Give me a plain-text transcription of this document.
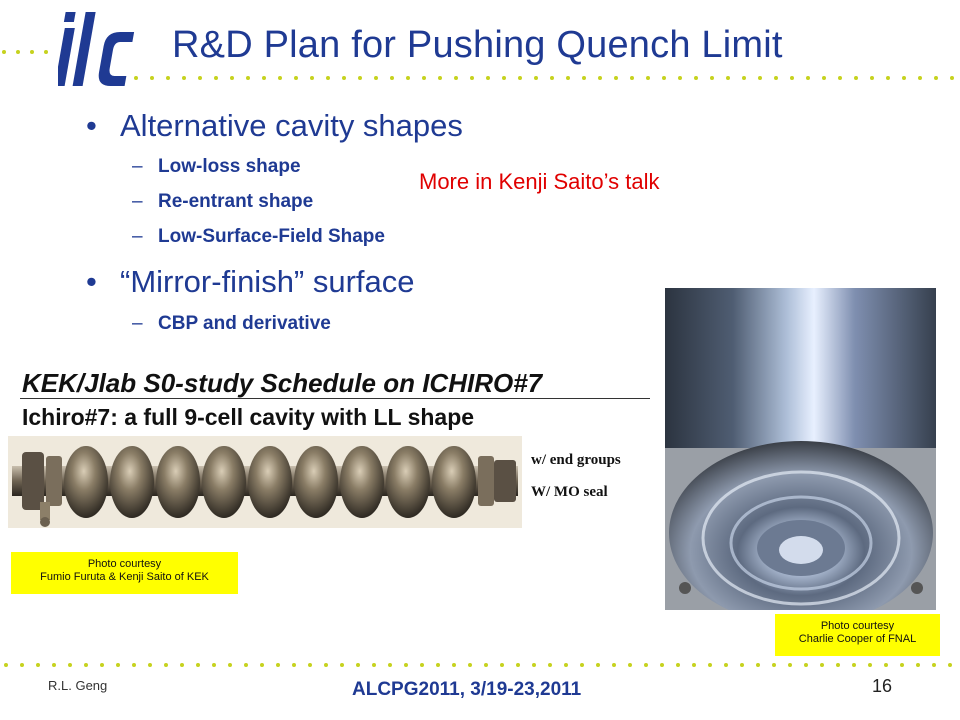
R&D Plan for Pushing Quench Limit
• Alternative cavity shapes
– Low-loss shape
– Re-entrant shape
– Low-Surface-Field Shape
More in Kenji Saito’s talk
• “Mirror-finish” surface
– CBP and derivative
KEK/Jlab S0-study Schedule on ICHIRO#7
Ichiro#7: a full 9-cell cavity with LL shape
w/ end groups
W/ MO seal
Photo courtesy
Fumio Furuta & Kenji Saito of KEK
Photo courtesy
Charlie Cooper of FNAL
R.L. Geng	ALCPG2011, 3/19-23,2011	16
